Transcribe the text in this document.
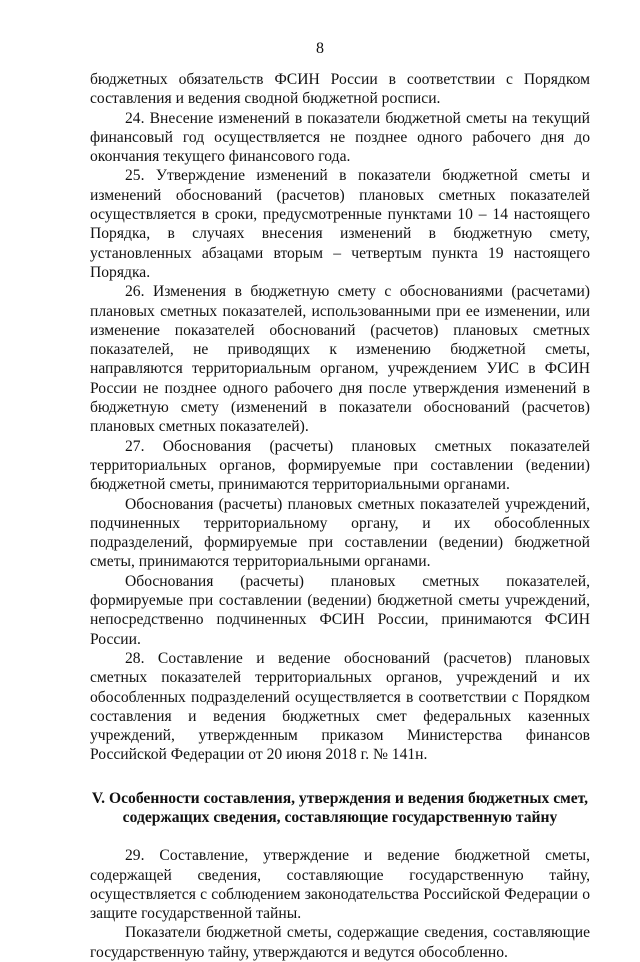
8

бюджетных обязательств ФСИН России в соответствии с Порядком составления и ведения сводной бюджетной росписи.

24. Внесение изменений в показатели бюджетной сметы на текущий финансовый год осуществляется не позднее одного рабочего дня до окончания текущего финансового года.

25. Утверждение изменений в показатели бюджетной сметы и изменений обоснований (расчетов) плановых сметных показателей осуществляется в сроки, предусмотренные пунктами 10 – 14 настоящего Порядка, в случаях внесения изменений в бюджетную смету, установленных абзацами вторым – четвертым пункта 19 настоящего Порядка.

26. Изменения в бюджетную смету с обоснованиями (расчетами) плановых сметных показателей, использованными при ее изменении, или изменение показателей обоснований (расчетов) плановых сметных показателей, не приводящих к изменению бюджетной сметы, направляются территориальным органом, учреждением УИС в ФСИН России не позднее одного рабочего дня после утверждения изменений в бюджетную смету (изменений в показатели обоснований (расчетов) плановых сметных показателей).

27. Обоснования (расчеты) плановых сметных показателей территориальных органов, формируемые при составлении (ведении) бюджетной сметы, принимаются территориальными органами.

Обоснования (расчеты) плановых сметных показателей учреждений, подчиненных территориальному органу, и их обособленных подразделений, формируемые при составлении (ведении) бюджетной сметы, принимаются территориальными органами.

Обоснования (расчеты) плановых сметных показателей, формируемые при составлении (ведении) бюджетной сметы учреждений, непосредственно подчиненных ФСИН России, принимаются ФСИН России.

28. Составление и ведение обоснований (расчетов) плановых сметных показателей территориальных органов, учреждений и их обособленных подразделений осуществляется в соответствии с Порядком составления и ведения бюджетных смет федеральных казенных учреждений, утвержденным приказом Министерства финансов Российской Федерации от 20 июня 2018 г. № 141н.

V. Особенности составления, утверждения и ведения бюджетных смет, содержащих сведения, составляющие государственную тайну

29. Составление, утверждение и ведение бюджетной сметы, содержащей сведения, составляющие государственную тайну, осуществляется с соблюдением законодательства Российской Федерации о защите государственной тайны.

Показатели бюджетной сметы, содержащие сведения, составляющие государственную тайну, утверждаются и ведутся обособленно.
